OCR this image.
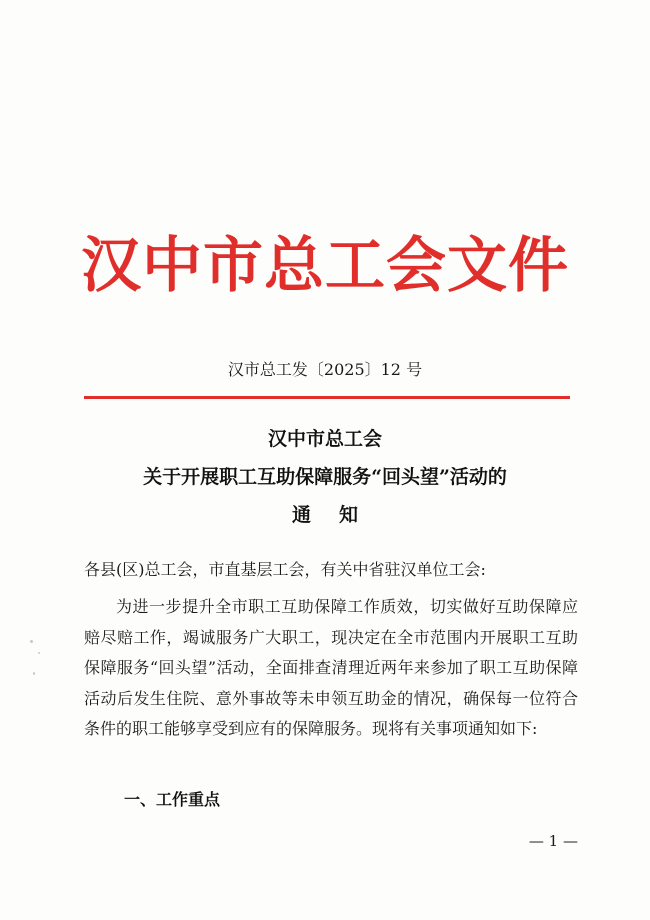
汉中市总工会文件
汉市总工发〔2025〕12 号
汉中市总工会
关于开展职工互助保障服务“回头望”活动的
通知
各县(区)总工会，市直基层工会，有关中省驻汉单位工会:

为进一步提升全市职工互助保障工作质效，切实做好互助保障应赔尽赔工作，竭诚服务广大职工，现决定在全市范围内开展职工互助保障服务“回头望”活动，全面排查清理近两年来参加了职工互助保障活动后发生住院、意外事故等未申领互助金的情况，确保每一位符合条件的职工能够享受到应有的保障服务。现将有关事项通知如下:

一、工作重点
— 1 —
